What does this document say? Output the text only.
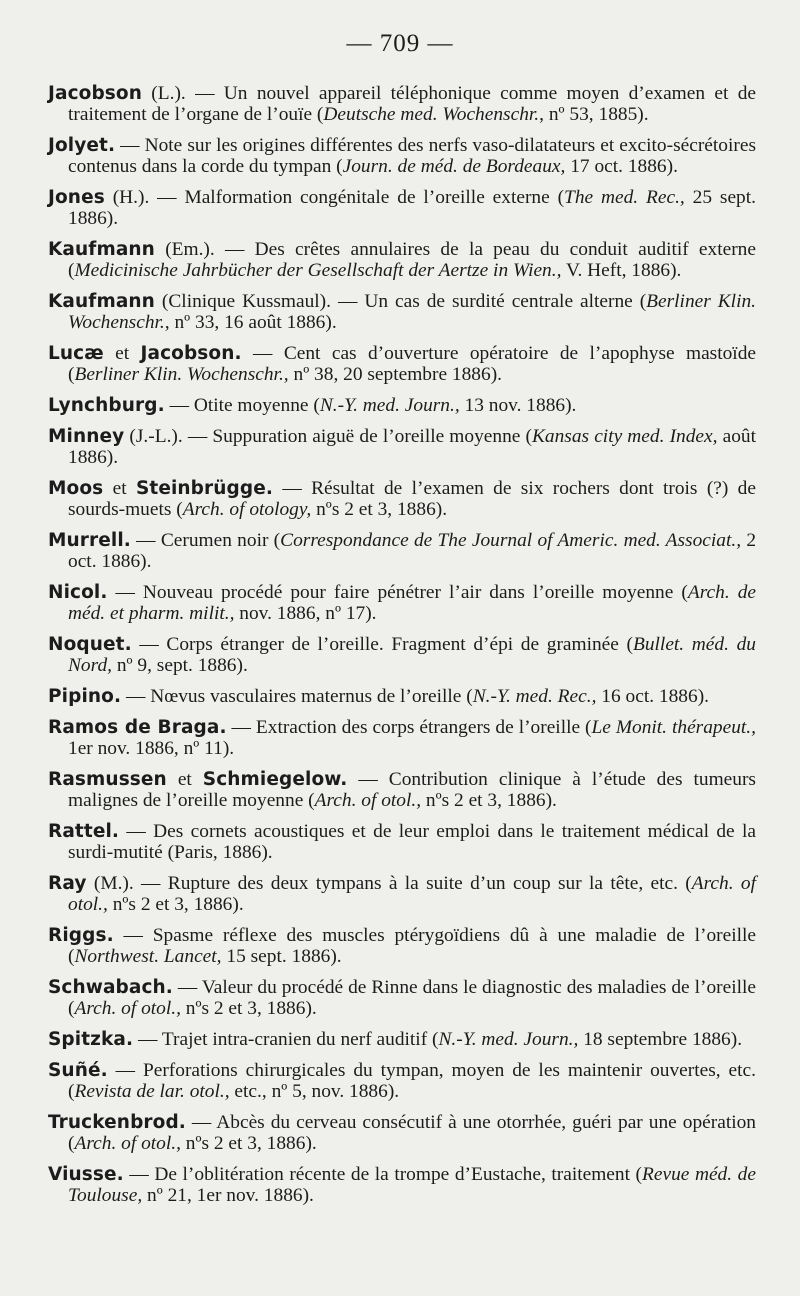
— 709 —

Jacobson (L.). — Un nouvel appareil téléphonique comme moyen d’examen et de traitement de l’organe de l’ouïe (Deutsche med. Wochenschr., nº 53, 1885).

Jolyet. — Note sur les origines différentes des nerfs vaso-dilatateurs et excito-sécrétoires contenus dans la corde du tympan (Journ. de méd. de Bordeaux, 17 oct. 1886).

Jones (H.). — Malformation congénitale de l’oreille externe (The med. Rec., 25 sept. 1886).

Kaufmann (Em.). — Des crêtes annulaires de la peau du conduit auditif externe (Medicinische Jahrbücher der Gesellschaft der Aertze in Wien., V. Heft, 1886).

Kaufmann (Clinique Kussmaul). — Un cas de surdité centrale alterne (Berliner Klin. Wochenschr., nº 33, 16 août 1886).

Lucæ et Jacobson. — Cent cas d’ouverture opératoire de l’apophyse mastoïde (Berliner Klin. Wochenschr., nº 38, 20 septembre 1886).

Lynchburg. — Otite moyenne (N.-Y. med. Journ., 13 nov. 1886).

Minney (J.-L.). — Suppuration aiguë de l’oreille moyenne (Kansas city med. Index, août 1886).

Moos et Steinbrügge. — Résultat de l’examen de six rochers dont trois (?) de sourds-muets (Arch. of otology, nºs 2 et 3, 1886).

Murrell. — Cerumen noir (Correspondance de The Journal of Americ. med. Associat., 2 oct. 1886).

Nicol. — Nouveau procédé pour faire pénétrer l’air dans l’oreille moyenne (Arch. de méd. et pharm. milit., nov. 1886, nº 17).

Noquet. — Corps étranger de l’oreille. Fragment d’épi de graminée (Bullet. méd. du Nord, nº 9, sept. 1886).

Pipino. — Nœvus vasculaires maternus de l’oreille (N.-Y. med. Rec., 16 oct. 1886).

Ramos de Braga. — Extraction des corps étrangers de l’oreille (Le Monit. thérapeut., 1er nov. 1886, nº 11).

Rasmussen et Schmiegelow. — Contribution clinique à l’étude des tumeurs malignes de l’oreille moyenne (Arch. of otol., nºs 2 et 3, 1886).

Rattel. — Des cornets acoustiques et de leur emploi dans le traitement médical de la surdi-mutité (Paris, 1886).

Ray (M.). — Rupture des deux tympans à la suite d’un coup sur la tête, etc. (Arch. of otol., nºs 2 et 3, 1886).

Riggs. — Spasme réflexe des muscles ptérygoïdiens dû à une maladie de l’oreille (Northwest. Lancet, 15 sept. 1886).

Schwabach. — Valeur du procédé de Rinne dans le diagnostic des maladies de l’oreille (Arch. of otol., nºs 2 et 3, 1886).

Spitzka. — Trajet intra-cranien du nerf auditif (N.-Y. med. Journ., 18 septembre 1886).

Suñé. — Perforations chirurgicales du tympan, moyen de les maintenir ouvertes, etc. (Revista de lar. otol., etc., nº 5, nov. 1886).

Truckenbrod. — Abcès du cerveau consécutif à une otorrhée, guéri par une opération (Arch. of otol., nºs 2 et 3, 1886).

Viusse. — De l’oblitération récente de la trompe d’Eustache, traitement (Revue méd. de Toulouse, nº 21, 1er nov. 1886).
